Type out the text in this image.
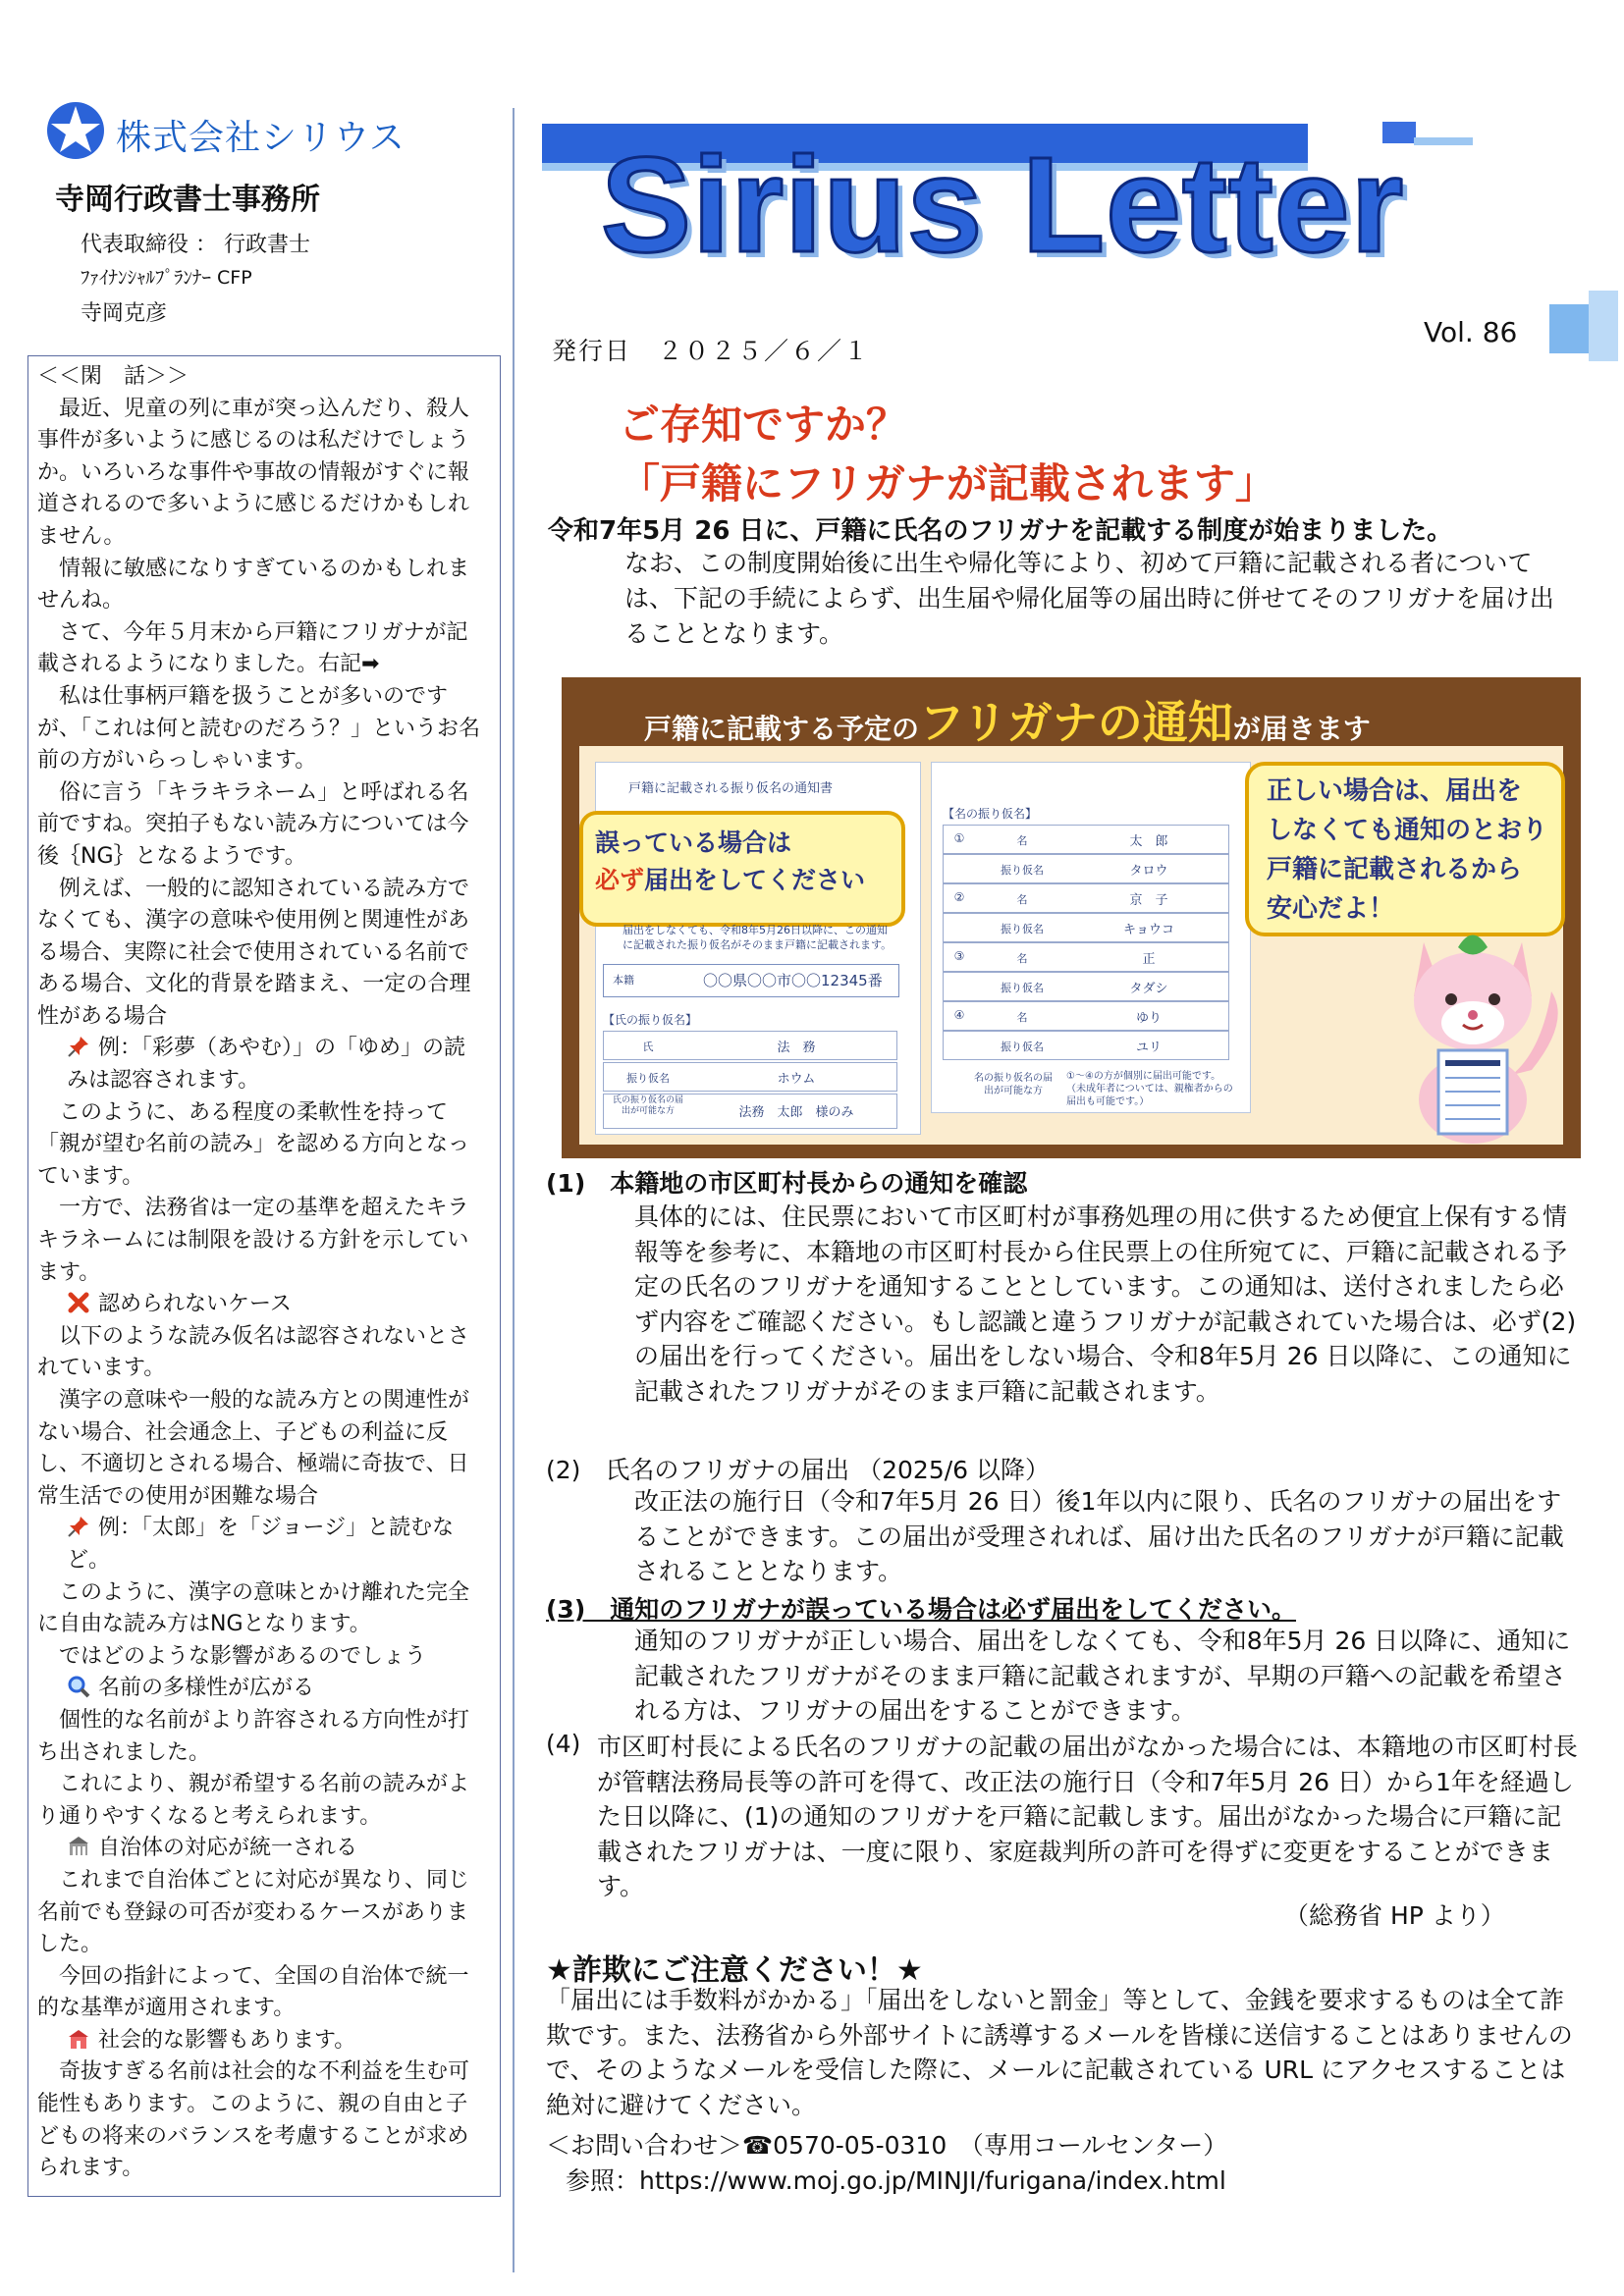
株式会社シリウス
寺岡行政書士事務所
代表取締役 ： 行政書士
ﾌｧｲﾅﾝｼｬﾙﾌﾟﾗﾝﾅｰ CFP
寺岡克彦

＜＜閑　話＞＞

最近、児童の列に車が突っ込んだり、殺人事件が多いように感じるのは私だけでしょうか。いろいろな事件や事故の情報がすぐに報道されるので多いように感じるだけかもしれません。

情報に敏感になりすぎているのかもしれませんね。

さて、今年５月末から戸籍にフリガナが記載されるようになりました。右記➡

私は仕事柄戸籍を扱うことが多いのですが、「これは何と読むのだろう？」というお名前の方がいらっしゃいます。

俗に言う「キラキラネーム」と呼ばれる名前ですね。突拍子もない読み方については今後｛NG｝となるようです。

例えば、一般的に認知されている読み方でなくても、漢字の意味や使用例と関連性がある場合、実際に社会で使用されている名前である場合、文化的背景を踏まえ、一定の合理性がある場合

例：「彩夢（あやむ）」の「ゆめ」の読みは認容されます。

このように、ある程度の柔軟性を持って「親が望む名前の読み」を認める方向となっています。

一方で、法務省は一定の基準を超えたキラキラネームには制限を設ける方針を示しています。

認められないケース

以下のような読み仮名は認容されないとされています。

漢字の意味や一般的な読み方との関連性がない場合、社会通念上、子どもの利益に反し、不適切とされる場合、極端に奇抜で、日常生活での使用が困難な場合

例：「太郎」を「ジョージ」と読むなど。

このように、漢字の意味とかけ離れた完全に自由な読み方はNGとなります。

ではどのような影響があるのでしょう

名前の多様性が広がる

個性的な名前がより許容される方向性が打ち出されました。

これにより、親が希望する名前の読みがより通りやすくなると考えられます。

自治体の対応が統一される

これまで自治体ごとに対応が異なり、同じ名前でも登録の可否が変わるケースがありました。

今回の指針によって、全国の自治体で統一的な基準が適用されます。

社会的な影響もあります。

奇抜すぎる名前は社会的な不利益を生む可能性もあります。このように、親の自由と子どもの将来のバランスを考慮することが求められます。

Sirius Letter
発行日　２０２５／６／１
Vol. 86
ご存知ですか？
「戸籍にフリガナが記載されます」
令和7年5月 26 日に、戸籍に氏名のフリガナを記載する制度が始まりました。
なお、この制度開始後に出生や帰化等により、初めて戸籍に記載される者については、下記の手続によらず、出生届や帰化届等の届出時に併せてそのフリガナを届け出ることとなります。
戸籍に記載する予定のフリガナの通知が届きます
戸籍に記載される振り仮名の通知書
誤っている場合は
必ず届出をしてください
届出をしなくても、令和8年5月26日以降に、この通知に記載された振り仮名がそのまま戸籍に記載されます。
本籍	〇〇県〇〇市〇〇12345番
【氏の振り仮名】
氏	法　務
振り仮名	ホウム
氏の振り仮名の届出が可能な方	法務　太郎　様のみ
【名の振り仮名】
①	名	太　郎
振り仮名	タロウ
②	名	京　子
振り仮名	キョウコ
③	名	正
振り仮名	タダシ
④	名	ゆり
振り仮名	ユリ
名の振り仮名の届出が可能な方
①～④の方が個別に届出可能です。（未成年者については、親権者からの届出も可能です。）
正しい場合は、届出を
しなくても通知のとおり
戸籍に記載されるから
安心だよ！
(1)　本籍地の市区町村長からの通知を確認
具体的には、住民票において市区町村が事務処理の用に供するため便宜上保有する情報等を参考に、本籍地の市区町村長から住民票上の住所宛てに、戸籍に記載される予定の氏名のフリガナを通知することとしています。この通知は、送付されましたら必ず内容をご確認ください。もし認識と違うフリガナが記載されていた場合は、必ず(2)の届出を行ってください。届出をしない場合、令和8年5月 26 日以降に、この通知に記載されたフリガナがそのまま戸籍に記載されます。
(2)　氏名のフリガナの届出 （2025/6 以降）
改正法の施行日（令和7年5月 26 日）後1年以内に限り、氏名のフリガナの届出をすることができます。この届出が受理されれば、届け出た氏名のフリガナが戸籍に記載されることとなります。
(3)　通知のフリガナが誤っている場合は必ず届出をしてください。
通知のフリガナが正しい場合、届出をしなくても、令和8年5月 26 日以降に、通知に記載されたフリガナがそのまま戸籍に記載されますが、早期の戸籍への記載を希望される方は、フリガナの届出をすることができます。
(4) 市区町村長による氏名のフリガナの記載の届出がなかった場合には、本籍地の市区町村長が管轄法務局長等の許可を得て、改正法の施行日（令和7年5月 26 日）から1年を経過した日以降に、(1)の通知のフリガナを戸籍に記載します。届出がなかった場合に戸籍に記載されたフリガナは、一度に限り、家庭裁判所の許可を得ずに変更をすることができます。
（総務省 HP より）
★詐欺にご注意ください！★
「届出には手数料がかかる」「届出をしないと罰金」等として、金銭を要求するものは全て詐欺です。また、法務省から外部サイトに誘導するメールを皆様に送信することはありませんので、そのようなメールを受信した際に、メールに記載されている URL にアクセスすることは絶対に避けてください。
＜お問い合わせ＞☎0570-05-0310　（専用コールセンター）
参照：https://www.moj.go.jp/MINJI/furigana/index.html
